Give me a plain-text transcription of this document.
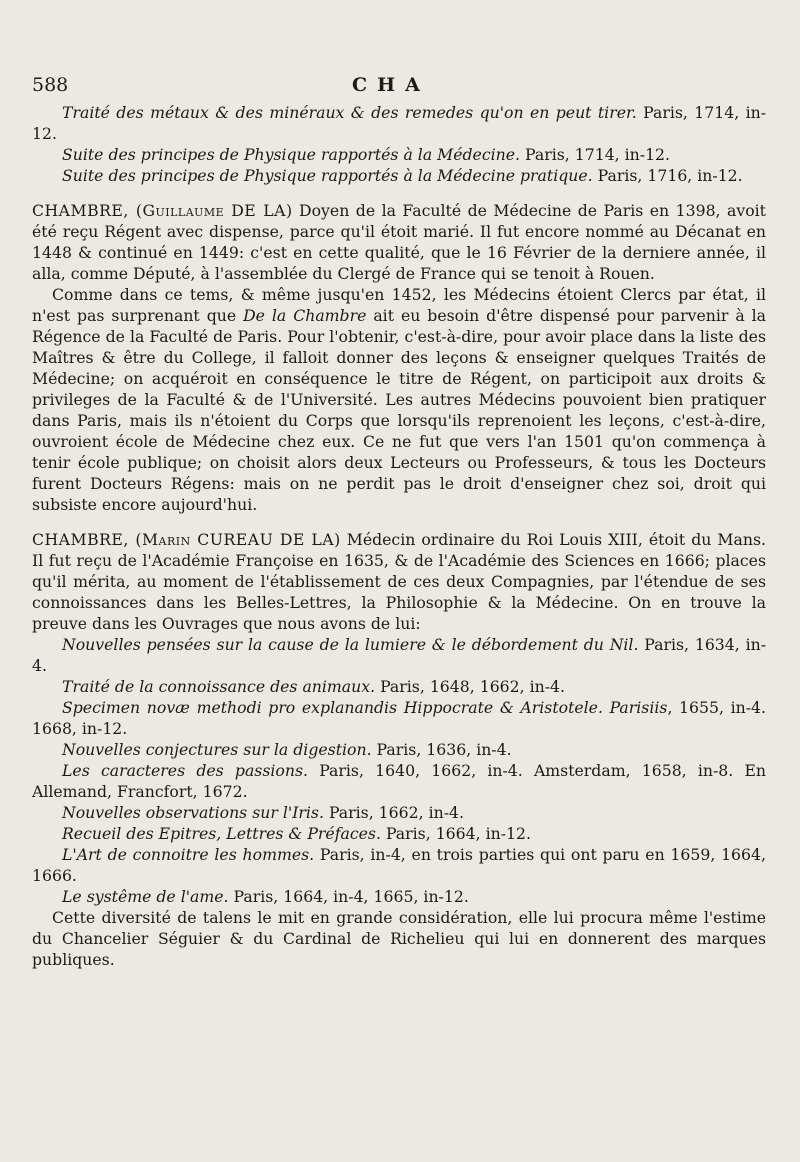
588	CHA

Traité des métaux & des minéraux & des remedes qu'on en peut tirer. Paris, 1714, in-12.

Suite des principes de Physique rapportés à la Médecine. Paris, 1714, in-12.

Suite des principes de Physique rapportés à la Médecine pratique. Paris, 1716, in-12.

CHAMBRE, (Guillaume DE LA) Doyen de la Faculté de Médecine de Paris en 1398, avoit été reçu Régent avec dispense, parce qu'il étoit marié. Il fut encore nommé au Décanat en 1448 & continué en 1449: c'est en cette qualité, que le 16 Février de la derniere année, il alla, comme Député, à l'assemblée du Clergé de France qui se tenoit à Rouen.

Comme dans ce tems, & même jusqu'en 1452, les Médecins étoient Clercs par état, il n'est pas surprenant que De la Chambre ait eu besoin d'être dispensé pour parvenir à la Régence de la Faculté de Paris. Pour l'obtenir, c'est-à-dire, pour avoir place dans la liste des Maîtres & être du College, il falloit donner des leçons & enseigner quelques Traités de Médecine; on acquéroit en conséquence le titre de Régent, on participoit aux droits & privileges de la Faculté & de l'Université. Les autres Médecins pouvoient bien pratiquer dans Paris, mais ils n'étoient du Corps que lorsqu'ils reprenoient les leçons, c'est-à-dire, ouvroient école de Médecine chez eux. Ce ne fut que vers l'an 1501 qu'on commença à tenir école publique; on choisit alors deux Lecteurs ou Professeurs, & tous les Docteurs furent Docteurs Régens: mais on ne perdit pas le droit d'enseigner chez soi, droit qui subsiste encore aujourd'hui.

CHAMBRE, (Marin CUREAU DE LA) Médecin ordinaire du Roi Louis XIII, étoit du Mans. Il fut reçu de l'Académie Françoise en 1635, & de l'Académie des Sciences en 1666; places qu'il mérita, au moment de l'établissement de ces deux Compagnies, par l'étendue de ses connoissances dans les Belles-Lettres, la Philosophie & la Médecine. On en trouve la preuve dans les Ouvrages que nous avons de lui:

Nouvelles pensées sur la cause de la lumiere & le débordement du Nil. Paris, 1634, in-4.

Traité de la connoissance des animaux. Paris, 1648, 1662, in-4.

Specimen novæ methodi pro explanandis Hippocrate & Aristotele. Parisiis, 1655, in-4. 1668, in-12.

Nouvelles conjectures sur la digestion. Paris, 1636, in-4.

Les caracteres des passions. Paris, 1640, 1662, in-4. Amsterdam, 1658, in-8. En Allemand, Francfort, 1672.

Nouvelles observations sur l'Iris. Paris, 1662, in-4.

Recueil des Epitres, Lettres & Préfaces. Paris, 1664, in-12.

L'Art de connoitre les hommes. Paris, in-4, en trois parties qui ont paru en 1659, 1664, 1666.

Le systême de l'ame. Paris, 1664, in-4, 1665, in-12.

Cette diversité de talens le mit en grande considération, elle lui procura même l'estime du Chancelier Séguier & du Cardinal de Richelieu qui lui en donnerent des marques publiques.
